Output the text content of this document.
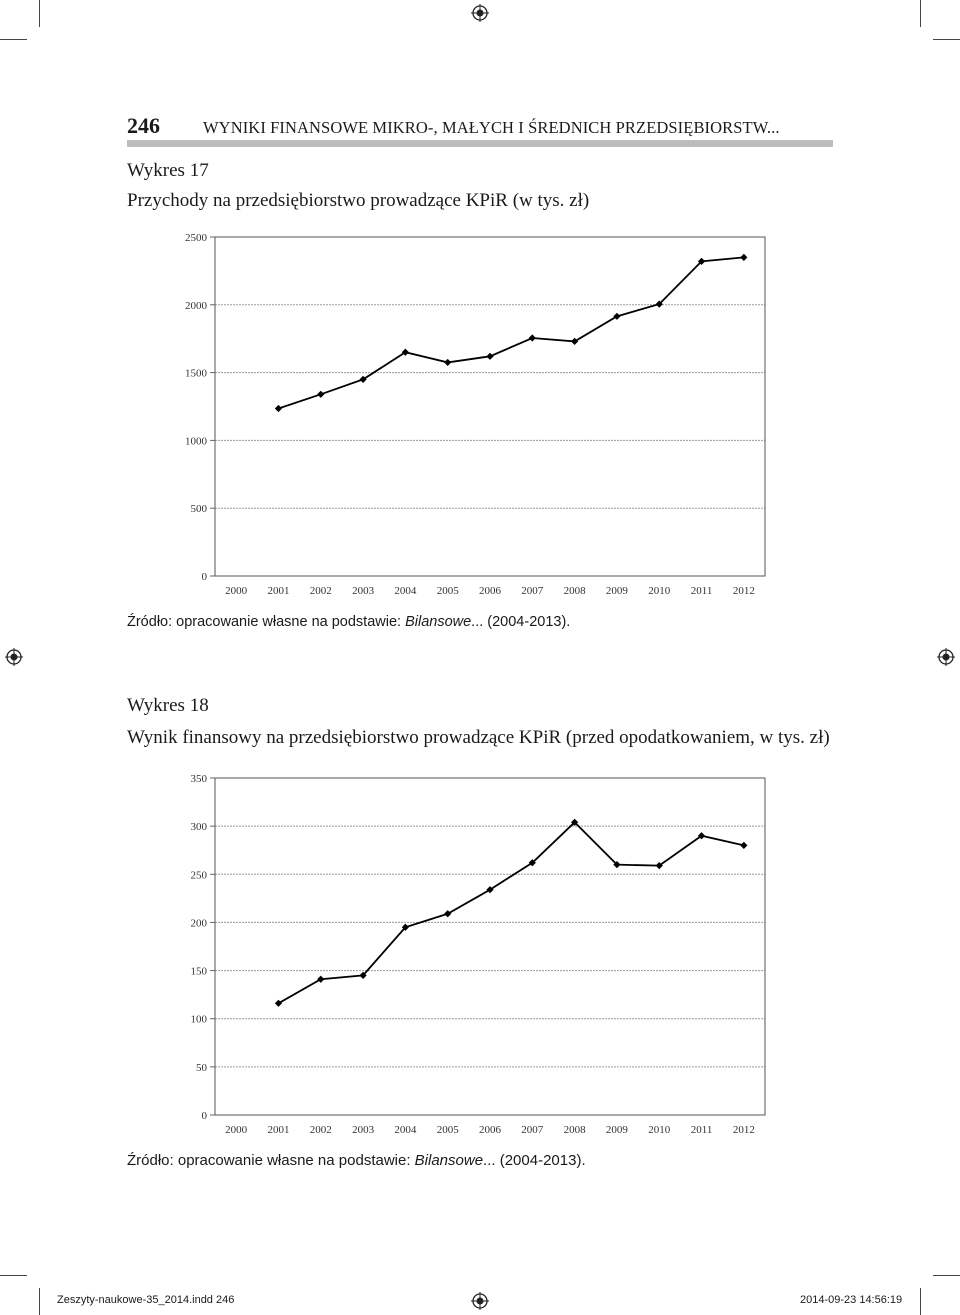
246	WYNIKI FINANSOWE MIKRO-, MAŁYCH I ŚREDNICH PRZEDSIĘBIORSTW...
Wykres 17
Przychody na przedsiębiorstwo prowadzące KPiR (w tys. zł)
0
500
1000
1500
2000
2500
2000 2001 2002 2003 2004 2005 2006 2007 2008 2009 2010 2011 2012
Źródło: opracowanie własne na podstawie: Bilansowe... (2004-2013).
Wykres 18
Wynik finansowy na przedsiębiorstwo prowadzące KPiR (przed opodatkowaniem, w tys. zł)
0
50
100
150
200
250
300
350
2000 2001 2002 2003 2004 2005 2006 2007 2008 2009 2010 2011 2012
Źródło: opracowanie własne na podstawie: Bilansowe... (2004-2013).
Zeszyty-naukowe-35_2014.indd 246	2014-09-23 14:56:19
